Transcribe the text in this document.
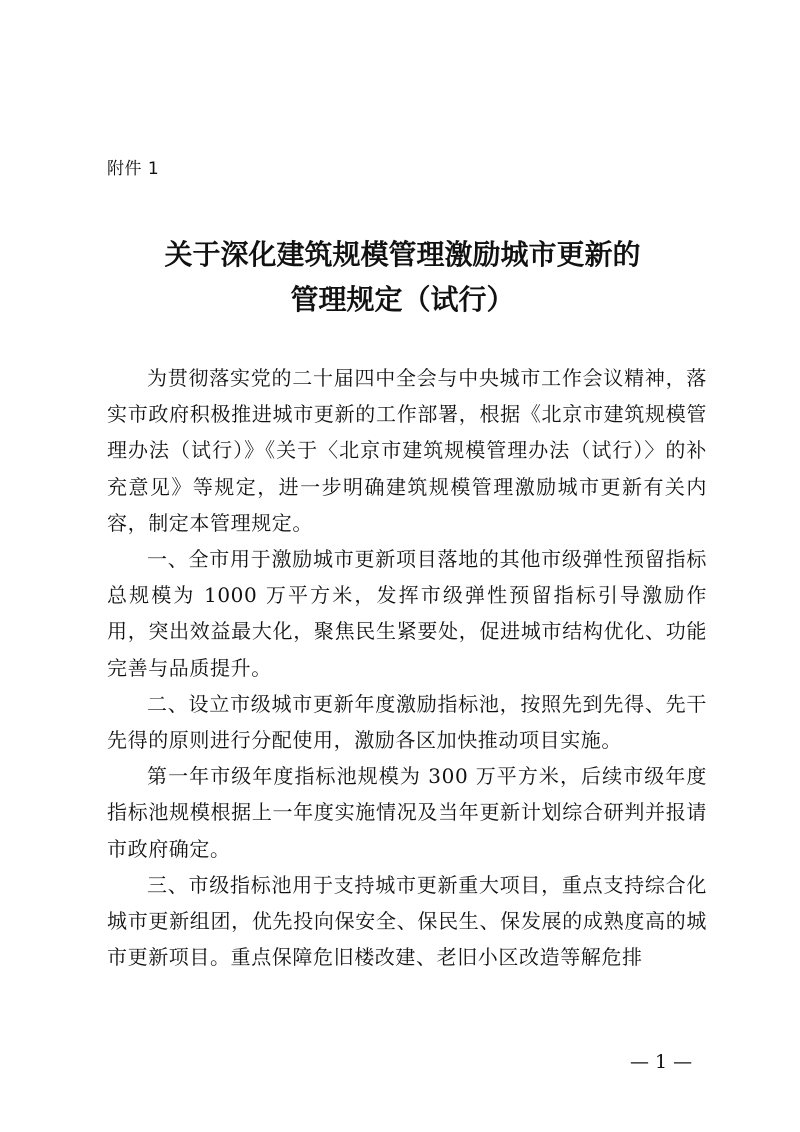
附件 1
关于深化建筑规模管理激励城市更新的
管理规定（试行）

为贯彻落实党的二十届四中全会与中央城市工作会议精神，落实市政府积极推进城市更新的工作部署，根据《北京市建筑规模管理办法（试行）》《关于〈北京市建筑规模管理办法（试行）〉的补充意见》等规定，进一步明确建筑规模管理激励城市更新有关内容，制定本管理规定。

一、全市用于激励城市更新项目落地的其他市级弹性预留指标总规模为 1000 万平方米，发挥市级弹性预留指标引导激励作用，突出效益最大化，聚焦民生紧要处，促进城市结构优化、功能完善与品质提升。

二、设立市级城市更新年度激励指标池，按照先到先得、先干先得的原则进行分配使用，激励各区加快推动项目实施。

第一年市级年度指标池规模为 300 万平方米，后续市级年度指标池规模根据上一年度实施情况及当年更新计划综合研判并报请市政府确定。

三、市级指标池用于支持城市更新重大项目，重点支持综合化城市更新组团，优先投向保安全、保民生、保发展的成熟度高的城市更新项目。重点保障危旧楼改建、老旧小区改造等解危排

— 1 —
